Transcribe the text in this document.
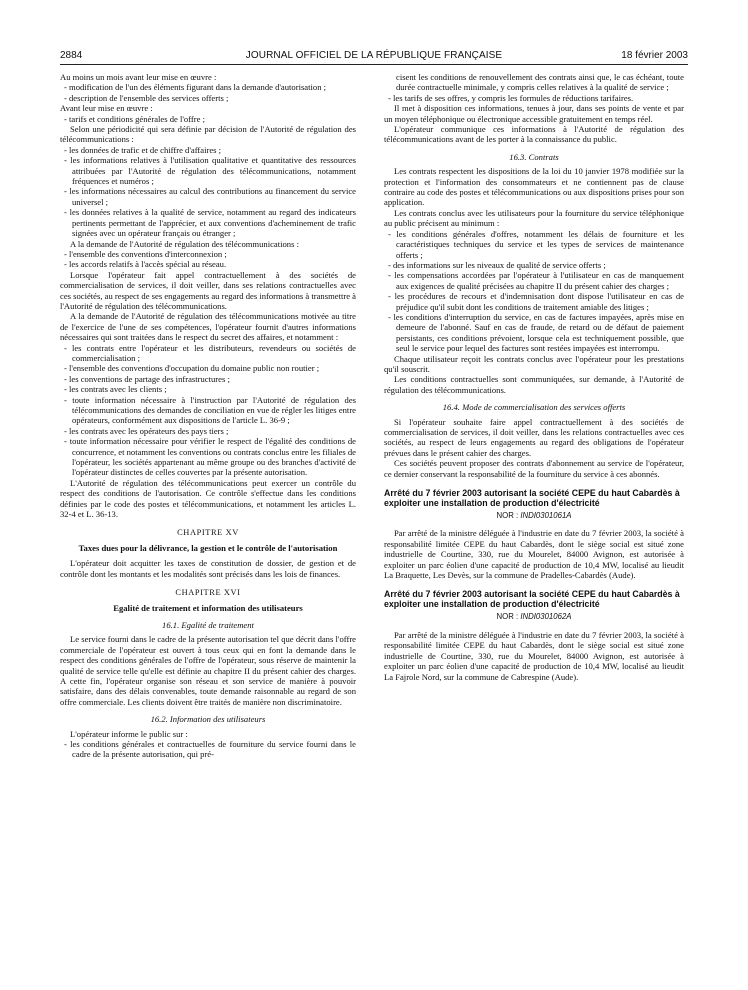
2884	JOURNAL OFFICIEL DE LA RÉPUBLIQUE FRANÇAISE	18 février 2003

Au moins un mois avant leur mise en œuvre :

- modification de l'un des éléments figurant dans la demande d'autorisation ;

- description de l'ensemble des services offerts ;

Avant leur mise en œuvre :

- tarifs et conditions générales de l'offre ;

Selon une périodicité qui sera définie par décision de l'Autorité de régulation des télécommunications :

- les données de trafic et de chiffre d'affaires ;

- les informations relatives à l'utilisation qualitative et quantitative des ressources attribuées par l'Autorité de régulation des télécommunications, notamment fréquences et numéros ;

- les informations nécessaires au calcul des contributions au financement du service universel ;

- les données relatives à la qualité de service, notamment au regard des indicateurs pertinents permettant de l'apprécier, et aux conventions d'acheminement de trafic signées avec un opérateur français ou étranger ;

A la demande de l'Autorité de régulation des télécommunications :

- l'ensemble des conventions d'interconnexion ;

- les accords relatifs à l'accès spécial au réseau.

Lorsque l'opérateur fait appel contractuellement à des sociétés de commercialisation de services, il doit veiller, dans ses relations contractuelles avec ces sociétés, au respect de ses engagements au regard des informations à transmettre à l'Autorité de régulation des télécommunications.

A la demande de l'Autorité de régulation des télécommunications motivée au titre de l'exercice de l'une de ses compétences, l'opérateur fournit d'autres informations nécessaires qui sont traitées dans le respect du secret des affaires, et notamment :

- les contrats entre l'opérateur et les distributeurs, revendeurs ou sociétés de commercialisation ;

- l'ensemble des conventions d'occupation du domaine public non routier ;

- les conventions de partage des infrastructures ;

- les contrats avec les clients ;

- toute information nécessaire à l'instruction par l'Autorité de régulation des télécommunications des demandes de conciliation en vue de régler les litiges entre opérateurs, conformément aux dispositions de l'article L. 36-9 ;

- les contrats avec les opérateurs des pays tiers ;

- toute information nécessaire pour vérifier le respect de l'égalité des conditions de concurrence, et notamment les conventions ou contrats conclus entre les filiales de l'opérateur, les sociétés appartenant au même groupe ou des branches d'activité de l'opérateur distinctes de celles couvertes par la présente autorisation.

L'Autorité de régulation des télécommunications peut exercer un contrôle du respect des conditions de l'autorisation. Ce contrôle s'effectue dans les conditions définies par le code des postes et télécommunications, et notamment les articles L. 32-4 et L. 36-13.

CHAPITRE XV

Taxes dues pour la délivrance, la gestion et le contrôle de l'autorisation

L'opérateur doit acquitter les taxes de constitution de dossier, de gestion et de contrôle dont les montants et les modalités sont précisés dans les lois de finances.

CHAPITRE XVI

Egalité de traitement et information des utilisateurs

16.1. Egalité de traitement

Le service fourni dans le cadre de la présente autorisation tel que décrit dans l'offre commerciale de l'opérateur est ouvert à tous ceux qui en font la demande dans le respect des conditions générales de l'offre de l'opérateur, sous réserve de maintenir la qualité de service telle qu'elle est définie au chapitre II du présent cahier des charges. A cette fin, l'opérateur organise son réseau et son service de manière à pouvoir satisfaire, dans des délais convenables, toute demande raisonnable au regard de son offre commerciale. Les clients doivent être traités de manière non discriminatoire.

16.2. Information des utilisateurs

L'opérateur informe le public sur :

- les conditions générales et contractuelles de fourniture du service fourni dans le cadre de la présente autorisation, qui pré-

cisent les conditions de renouvellement des contrats ainsi que, le cas échéant, toute durée contractuelle minimale, y compris celles relatives à la qualité de service ;

- les tarifs de ses offres, y compris les formules de réductions tarifaires.

Il met à disposition ces informations, tenues à jour, dans ses points de vente et par un moyen téléphonique ou électronique accessible gratuitement en temps réel.

L'opérateur communique ces informations à l'Autorité de régulation des télécommunications avant de les porter à la connaissance du public.

16.3. Contrats

Les contrats respectent les dispositions de la loi du 10 janvier 1978 modifiée sur la protection et l'information des consommateurs et ne contiennent pas de clause contraire au code des postes et télécommunications ou aux dispositions prises pour son application.

Les contrats conclus avec les utilisateurs pour la fourniture du service téléphonique au public précisent au minimum :

- les conditions générales d'offres, notamment les délais de fourniture et les caractéristiques techniques du service et les types de services de maintenance offerts ;

- des informations sur les niveaux de qualité de service offerts ;

- les compensations accordées par l'opérateur à l'utilisateur en cas de manquement aux exigences de qualité précisées au chapitre II du présent cahier des charges ;

- les procédures de recours et d'indemnisation dont dispose l'utilisateur en cas de préjudice qu'il subit dont les conditions de traitement amiable des litiges ;

- les conditions d'interruption du service, en cas de factures impayées, après mise en demeure de l'abonné. Sauf en cas de fraude, de retard ou de défaut de paiement persistants, ces conditions prévoient, lorsque cela est techniquement possible, que seul le service pour lequel des factures sont restées impayées est interrompu.

Chaque utilisateur reçoit les contrats conclus avec l'opérateur pour les prestations qu'il souscrit.

Les conditions contractuelles sont communiquées, sur demande, à l'Autorité de régulation des télécommunications.

16.4. Mode de commercialisation des services offerts

Si l'opérateur souhaite faire appel contractuellement à des sociétés de commercialisation de services, il doit veiller, dans les relations contractuelles avec ces sociétés, au respect de leurs engagements au regard des obligations de l'opérateur prévues dans le présent cahier des charges.

Ces sociétés peuvent proposer des contrats d'abonnement au service de l'opérateur, ce dernier conservant la responsabilité de la fourniture du service à ces abonnés.

Arrêté du 7 février 2003 autorisant la société CEPE du haut Cabardès à exploiter une installation de production d'électricité

NOR : INDI0301061A

Par arrêté de la ministre déléguée à l'industrie en date du 7 février 2003, la société à responsabilité limitée CEPE du haut Cabardès, dont le siège social est situé zone industrielle de Courtine, 330, rue du Mourelet, 84000 Avignon, est autorisée à exploiter un parc éolien d'une capacité de production de 10,4 MW, localisé au lieudit La Braquette, Les Devès, sur la commune de Pradelles-Cabardès (Aude).

Arrêté du 7 février 2003 autorisant la société CEPE du haut Cabardès à exploiter une installation de production d'électricité

NOR : INDI0301062A

Par arrêté de la ministre déléguée à l'industrie en date du 7 février 2003, la société à responsabilité limitée CEPE du haut Cabardès, dont le siège social est situé zone industrielle de Courtine, 330, rue du Mourelet, 84000 Avignon, est autorisée à exploiter un parc éolien d'une capacité de production de 10,4 MW, localisé au lieudit La Fajrole Nord, sur la commune de Cabrespine (Aude).
